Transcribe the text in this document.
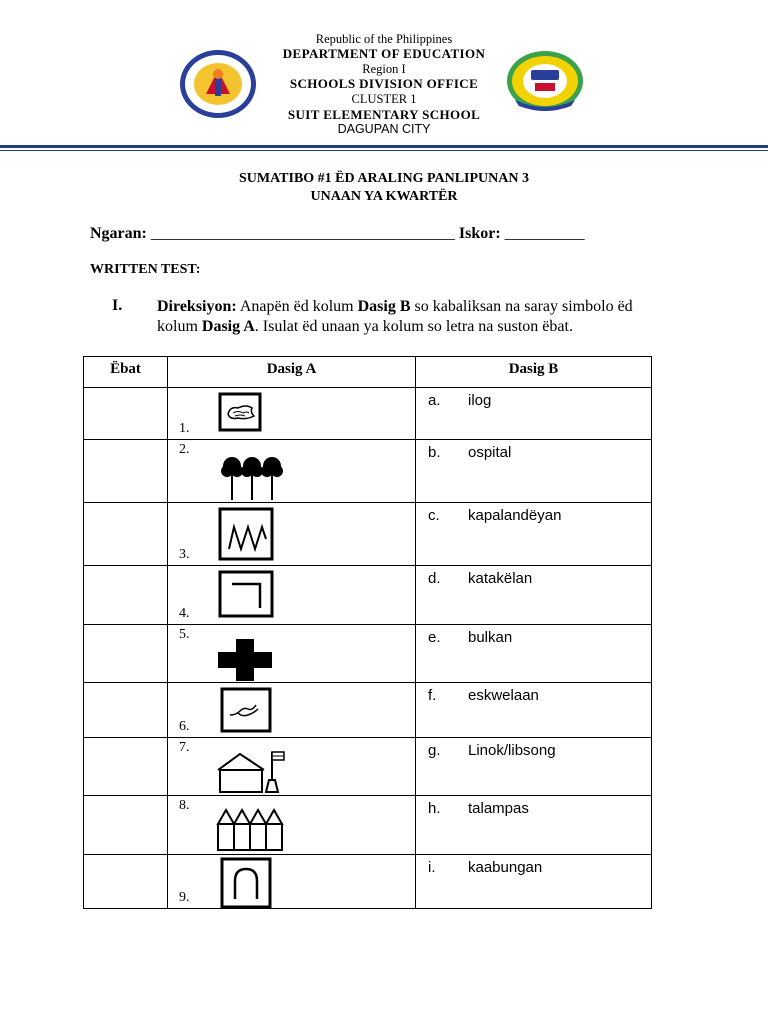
Republic of the Philippines
DEPARTMENT OF EDUCATION
Region I
SCHOOLS DIVISION OFFICE
CLUSTER 1
SUIT ELEMENTARY SCHOOL
DAGUPAN CITY
SUMATIBO #1 ËD ARALING PANLIPUNAN 3
UNAAN YA KWARTËR
Ngaran: ______________________________________ Iskor: __________
WRITTEN TEST:
I. Direksiyon: Anapën ëd kolum Dasig B so kabaliksan na saray simbolo ëd kolum Dasig A. Isulat ëd unaan ya kolum so letra na suston ëbat.
Ëbat	Dasig A	Dasig B

	1.	a. ilog

	2.	b. ospital

	3.	c. kapalandëyan

	4.	d. katakëlan

	5.	e. bulkan

	6.	f. eskwelaan

	7.	g. Linok/libsong

	8.	h. talampas

	9.	i. kaabungan
